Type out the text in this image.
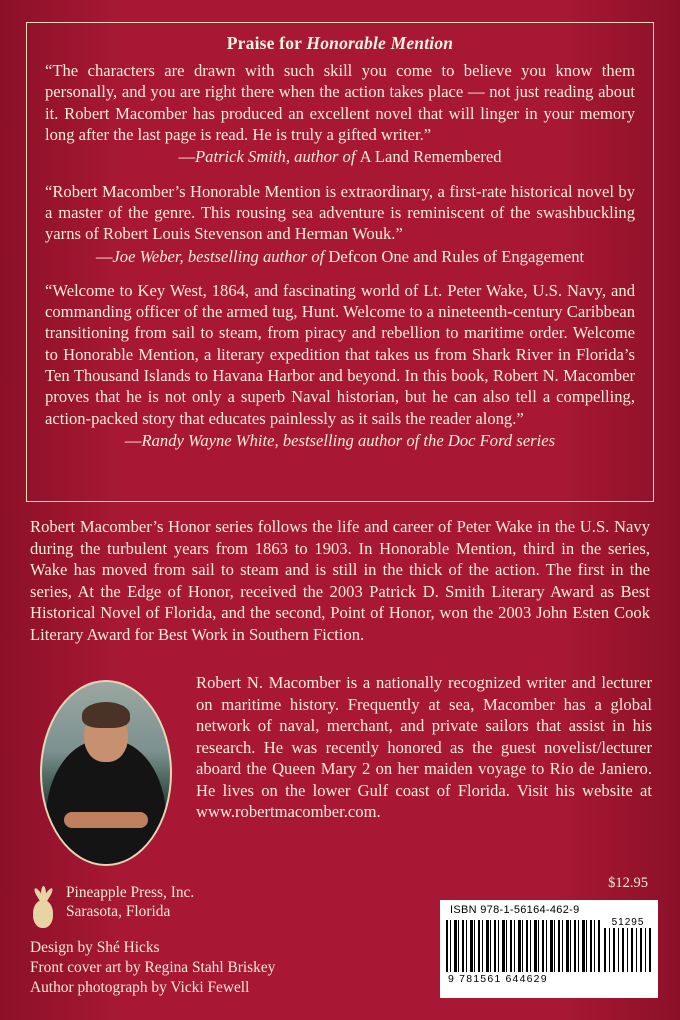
Praise for Honorable Mention
“The characters are drawn with such skill you come to believe you know them personally, and you are right there when the action takes place — not just reading about it. Robert Macomber has produced an excellent novel that will linger in your memory long after the last page is read. He is truly a gifted writer.”
—Patrick Smith, author of A Land Remembered
“Robert Macomber’s Honorable Mention is extraordinary, a first-rate historical novel by a master of the genre. This rousing sea adventure is reminiscent of the swashbuckling yarns of Robert Louis Stevenson and Herman Wouk.”
—Joe Weber, bestselling author of Defcon One and Rules of Engagement
“Welcome to Key West, 1864, and fascinating world of Lt. Peter Wake, U.S. Navy, and commanding officer of the armed tug, Hunt. Welcome to a nineteenth-century Caribbean transitioning from sail to steam, from piracy and rebellion to maritime order. Welcome to Honorable Mention, a literary expedition that takes us from Shark River in Florida’s Ten Thousand Islands to Havana Harbor and beyond. In this book, Robert N. Macomber proves that he is not only a superb Naval historian, but he can also tell a compelling, action-packed story that educates painlessly as it sails the reader along.”
—Randy Wayne White, bestselling author of the Doc Ford series
Robert Macomber’s Honor series follows the life and career of Peter Wake in the U.S. Navy during the turbulent years from 1863 to 1903. In Honorable Mention, third in the series, Wake has moved from sail to steam and is still in the thick of the action. The first in the series, At the Edge of Honor, received the 2003 Patrick D. Smith Literary Award as Best Historical Novel of Florida, and the second, Point of Honor, won the 2003 John Esten Cook Literary Award for Best Work in Southern Fiction.
Robert N. Macomber is a nationally recognized writer and lecturer on maritime history. Frequently at sea, Macomber has a global network of naval, merchant, and private sailors that assist in his research. He was recently honored as the guest novelist/lecturer aboard the Queen Mary 2 on her maiden voyage to Rio de Janiero. He lives on the lower Gulf coast of Florida. Visit his website at www.robertmacomber.com.
Pineapple Press, Inc.
Sarasota, Florida
Design by Shé Hicks
Front cover art by Regina Stahl Briskey
Author photograph by Vicki Fewell
$12.95
ISBN 978-1-56164-462-9
51295
9 781561 644629
